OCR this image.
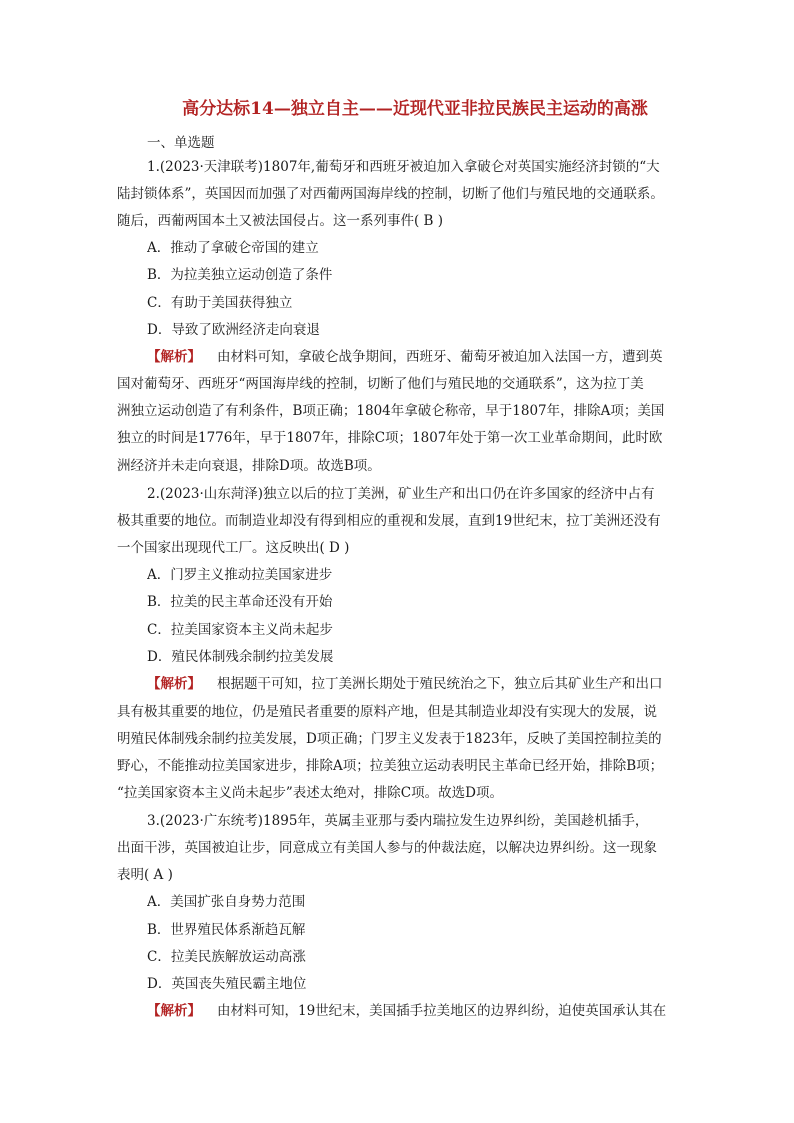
高分达标14—独立自主——近现代亚非拉民族民主运动的高涨
一、单选题
1.(2023·天津联考)1807年,葡萄牙和西班牙被迫加入拿破仑对英国实施经济封锁的“大
陆封锁体系”，英国因而加强了对西葡两国海岸线的控制，切断了他们与殖民地的交通联系。
随后，西葡两国本土又被法国侵占。这一系列事件( B )
A．推动了拿破仑帝国的建立
B．为拉美独立运动创造了条件
C．有助于美国获得独立
D．导致了欧洲经济走向衰退
【解析】 由材料可知，拿破仑战争期间，西班牙、葡萄牙被迫加入法国一方，遭到英
国对葡萄牙、西班牙“两国海岸线的控制，切断了他们与殖民地的交通联系”，这为拉丁美
洲独立运动创造了有利条件，B项正确；1804年拿破仑称帝，早于1807年，排除A项；美国
独立的时间是1776年，早于1807年，排除C项；1807年处于第一次工业革命期间，此时欧
洲经济并未走向衰退，排除D项。故选B项。
2.(2023·山东菏泽)独立以后的拉丁美洲，矿业生产和出口仍在许多国家的经济中占有
极其重要的地位。而制造业却没有得到相应的重视和发展，直到19世纪末，拉丁美洲还没有
一个国家出现现代工厂。这反映出( D )
A．门罗主义推动拉美国家进步
B．拉美的民主革命还没有开始
C．拉美国家资本主义尚未起步
D．殖民体制残余制约拉美发展
【解析】 根据题干可知，拉丁美洲长期处于殖民统治之下，独立后其矿业生产和出口
具有极其重要的地位，仍是殖民者重要的原料产地，但是其制造业却没有实现大的发展，说
明殖民体制残余制约拉美发展，D项正确；门罗主义发表于1823年，反映了美国控制拉美的
野心，不能推动拉美国家进步，排除A项；拉美独立运动表明民主革命已经开始，排除B项；
“拉美国家资本主义尚未起步”表述太绝对，排除C项。故选D项。
3.(2023·广东统考)1895年，英属圭亚那与委内瑞拉发生边界纠纷，美国趁机插手，
出面干涉，英国被迫让步，同意成立有美国人参与的仲裁法庭，以解决边界纠纷。这一现象
表明( A )
A．美国扩张自身势力范围
B．世界殖民体系渐趋瓦解
C．拉美民族解放运动高涨
D．英国丧失殖民霸主地位
【解析】 由材料可知，19世纪末，美国插手拉美地区的边界纠纷，迫使英国承认其在
